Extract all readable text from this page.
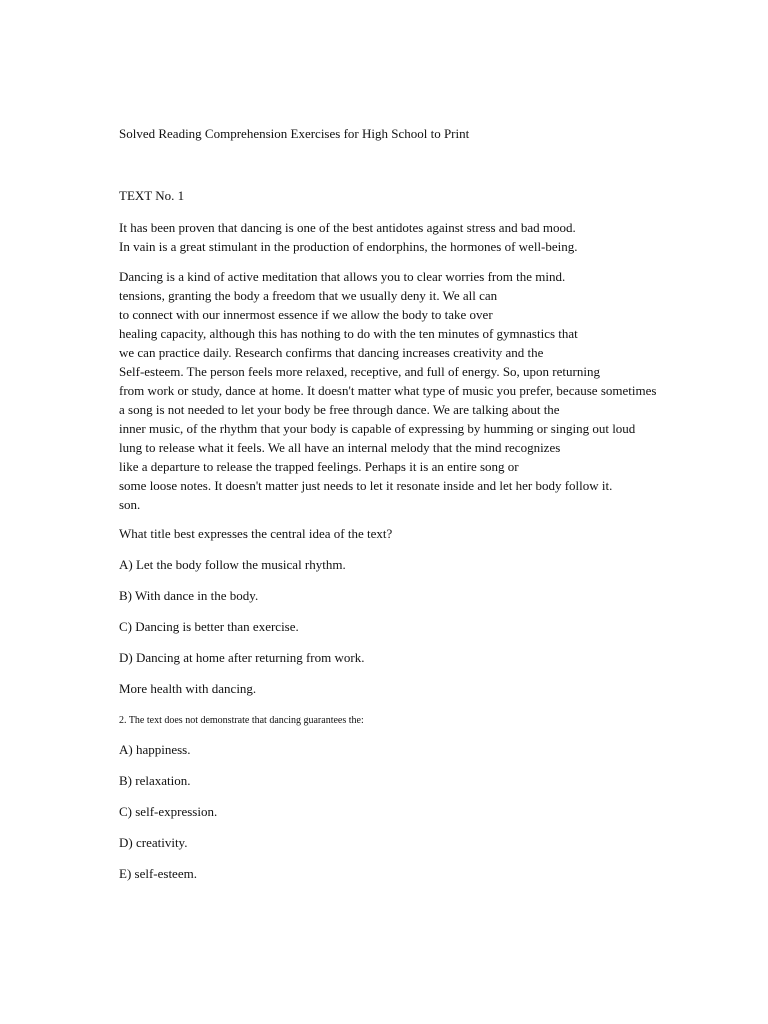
Solved Reading Comprehension Exercises for High School to Print

TEXT No. 1

It has been proven that dancing is one of the best antidotes against stress and bad mood.
In vain is a great stimulant in the production of endorphins, the hormones of well-being.
Dancing is a kind of active meditation that allows you to clear worries from the mind.
tensions, granting the body a freedom that we usually deny it. We all can
to connect with our innermost essence if we allow the body to take over
healing capacity, although this has nothing to do with the ten minutes of gymnastics that
we can practice daily. Research confirms that dancing increases creativity and the
Self-esteem. The person feels more relaxed, receptive, and full of energy. So, upon returning
from work or study, dance at home. It doesn't matter what type of music you prefer, because sometimes
a song is not needed to let your body be free through dance. We are talking about the
inner music, of the rhythm that your body is capable of expressing by humming or singing out loud
lung to release what it feels. We all have an internal melody that the mind recognizes
like a departure to release the trapped feelings. Perhaps it is an entire song or
some loose notes. It doesn't matter just needs to let it resonate inside and let her body follow it.
son.

What title best expresses the central idea of the text?

A) Let the body follow the musical rhythm.

B) With dance in the body.

C) Dancing is better than exercise.

D) Dancing at home after returning from work.

More health with dancing.

2. The text does not demonstrate that dancing guarantees the:

A) happiness.

B) relaxation.

C) self-expression.

D) creativity.

E) self-esteem.
